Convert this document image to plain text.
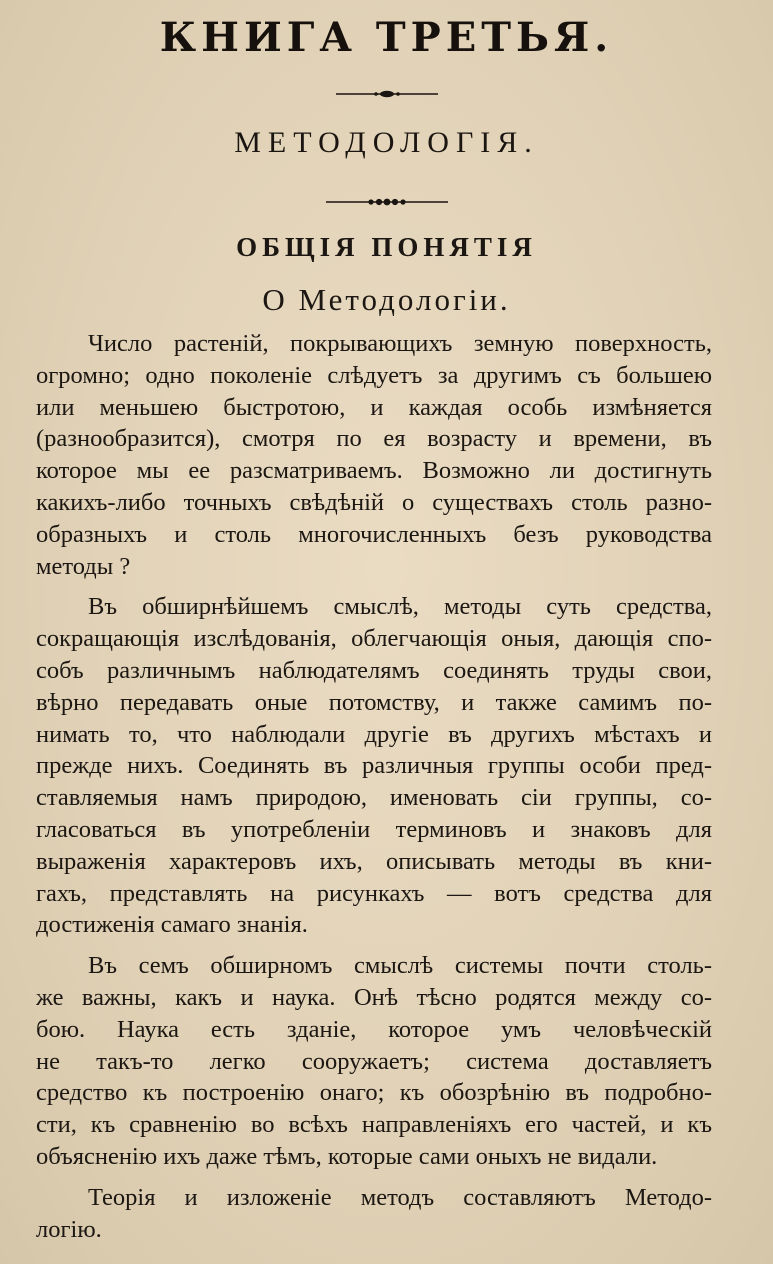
КНИГА ТРЕТЬЯ.
МЕТОДОЛОГІЯ.
ОБЩІЯ ПОНЯТІЯ
О Методологіи.

Число растеній, покрывающихъ земную поверхность,
огромно; одно поколеніе слѣдуетъ за другимъ съ большею
или меньшею быстротою, и каждая особь измѣняется
(разнообразится), смотря по ея возрасту и времени, въ
которое мы ее разсматриваемъ. Возможно ли достигнуть
какихъ-либо точныхъ свѣдѣній о существахъ столь разно-
образныхъ и столь многочисленныхъ безъ руководства
методы ?

Въ обширнѣйшемъ смыслѣ, методы суть средства,
сокращающія изслѣдованія, облегчающія оныя, дающія спо-
собъ различнымъ наблюдателямъ соединять труды свои,
вѣрно передавать оные потомству, и также самимъ по-
нимать то, что наблюдали другіе въ другихъ мѣстахъ и
прежде нихъ. Соединять въ различныя группы особи пред-
ставляемыя намъ природою, именовать сіи группы, со-
гласоваться въ употребленіи терминовъ и знаковъ для
выраженія характеровъ ихъ, описывать методы въ кни-
гахъ, представлять на рисункахъ — вотъ средства для
достиженія самаго знанія.

Въ семъ обширномъ смыслѣ системы почти столь-
же важны, какъ и наука. Онѣ тѣсно родятся между со-
бою. Наука есть зданіе, которое умъ человѣческій
не такъ-то легко сооружаетъ; система доставляетъ
средство къ построенію онаго; къ обозрѣнію въ подробно-
сти, къ сравненію во всѣхъ направленіяхъ его частей, и къ
объясненію ихъ даже тѣмъ, которые сами оныхъ не видали.

Теорія и изложеніе методъ составляютъ Методо-
логію.
